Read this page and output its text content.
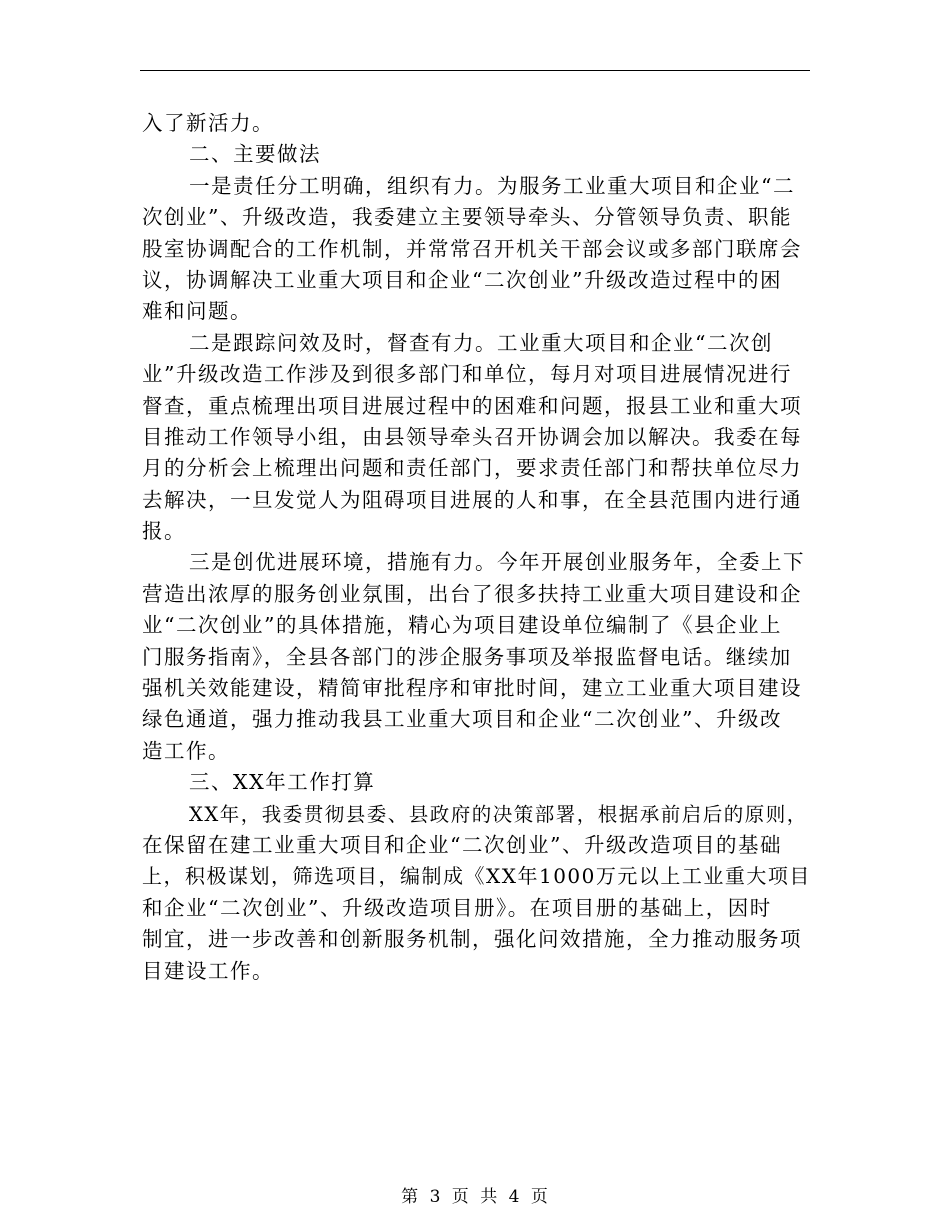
入了新活力。
二、主要做法
一是责任分工明确，组织有力。为服务工业重大项目和企业“二
次创业”、升级改造，我委建立主要领导牵头、分管领导负责、职能
股室协调配合的工作机制，并常常召开机关干部会议或多部门联席会
议，协调解决工业重大项目和企业“二次创业”升级改造过程中的困
难和问题。
二是跟踪问效及时，督查有力。工业重大项目和企业“二次创
业”升级改造工作涉及到很多部门和单位，每月对项目进展情况进行
督查，重点梳理出项目进展过程中的困难和问题，报县工业和重大项
目推动工作领导小组，由县领导牵头召开协调会加以解决。我委在每
月的分析会上梳理出问题和责任部门，要求责任部门和帮扶单位尽力
去解决，一旦发觉人为阻碍项目进展的人和事，在全县范围内进行通
报。
三是创优进展环境，措施有力。今年开展创业服务年，全委上下
营造出浓厚的服务创业氛围，出台了很多扶持工业重大项目建设和企
业“二次创业”的具体措施，精心为项目建设单位编制了《县企业上
门服务指南》，全县各部门的涉企服务事项及举报监督电话。继续加
强机关效能建设，精简审批程序和审批时间，建立工业重大项目建设
绿色通道，强力推动我县工业重大项目和企业“二次创业”、升级改
造工作。
三、XX年工作打算
XX年，我委贯彻县委、县政府的决策部署，根据承前启后的原则，
在保留在建工业重大项目和企业“二次创业”、升级改造项目的基础
上，积极谋划，筛选项目，编制成《XX年1000万元以上工业重大项目
和企业“二次创业”、升级改造项目册》。在项目册的基础上，因时
制宜，进一步改善和创新服务机制，强化问效措施，全力推动服务项
目建设工作。
第 3 页 共 4 页
